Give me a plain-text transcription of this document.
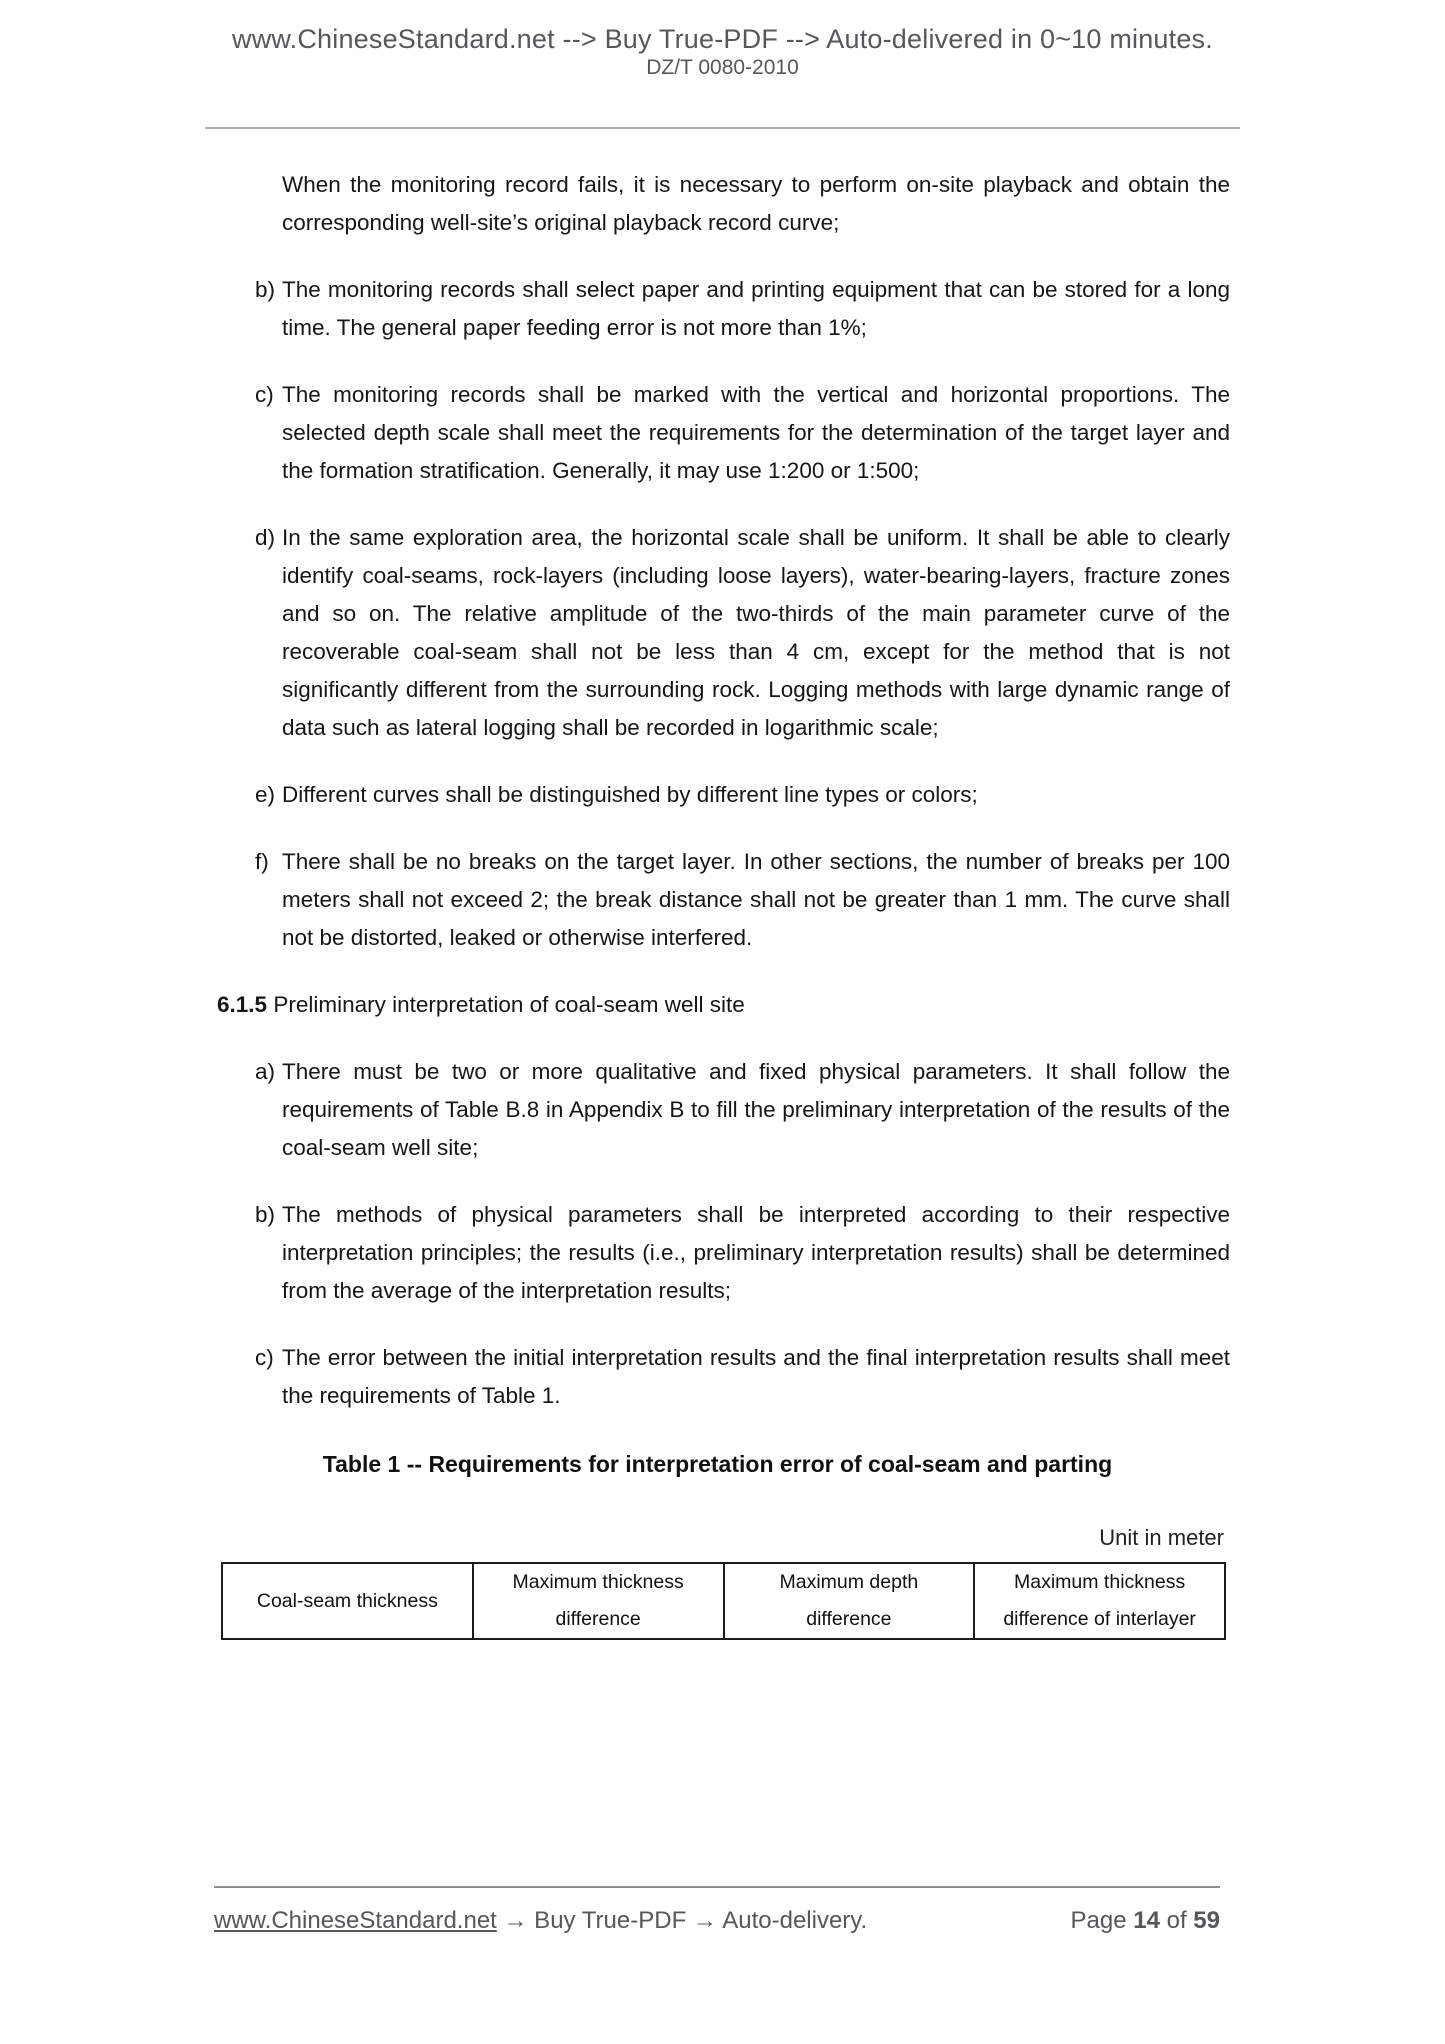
www.ChineseStandard.net --> Buy True-PDF --> Auto-delivered in 0~10 minutes.
DZ/T 0080-2010

When the monitoring record fails, it is necessary to perform on-site playback and obtain the corresponding well-site’s original playback record curve;

b) The monitoring records shall select paper and printing equipment that can be stored for a long time. The general paper feeding error is not more than 1%;
c) The monitoring records shall be marked with the vertical and horizontal proportions. The selected depth scale shall meet the requirements for the determination of the target layer and the formation stratification. Generally, it may use 1:200 or 1:500;
d) In the same exploration area, the horizontal scale shall be uniform. It shall be able to clearly identify coal-seams, rock-layers (including loose layers), water-bearing-layers, fracture zones and so on. The relative amplitude of the two-thirds of the main parameter curve of the recoverable coal-seam shall not be less than 4 cm, except for the method that is not significantly different from the surrounding rock. Logging methods with large dynamic range of data such as lateral logging shall be recorded in logarithmic scale;
e) Different curves shall be distinguished by different line types or colors;
f) There shall be no breaks on the target layer. In other sections, the number of breaks per 100 meters shall not exceed 2; the break distance shall not be greater than 1 mm. The curve shall not be distorted, leaked or otherwise interfered.
6.1.5 Preliminary interpretation of coal-seam well site
a) There must be two or more qualitative and fixed physical parameters. It shall follow the requirements of Table B.8 in Appendix B to fill the preliminary interpretation of the results of the coal-seam well site;
b) The methods of physical parameters shall be interpreted according to their respective interpretation principles; the results (i.e., preliminary interpretation results) shall be determined from the average of the interpretation results;
c) The error between the initial interpretation results and the final interpretation results shall meet the requirements of Table 1.
Table 1 -- Requirements for interpretation error of coal-seam and parting
Unit in meter
Coal-seam thickness	Maximum thickness difference	Maximum depth difference	Maximum thickness difference of interlayer
www.ChineseStandard.net → Buy True-PDF → Auto-delivery.	Page 14 of 59
